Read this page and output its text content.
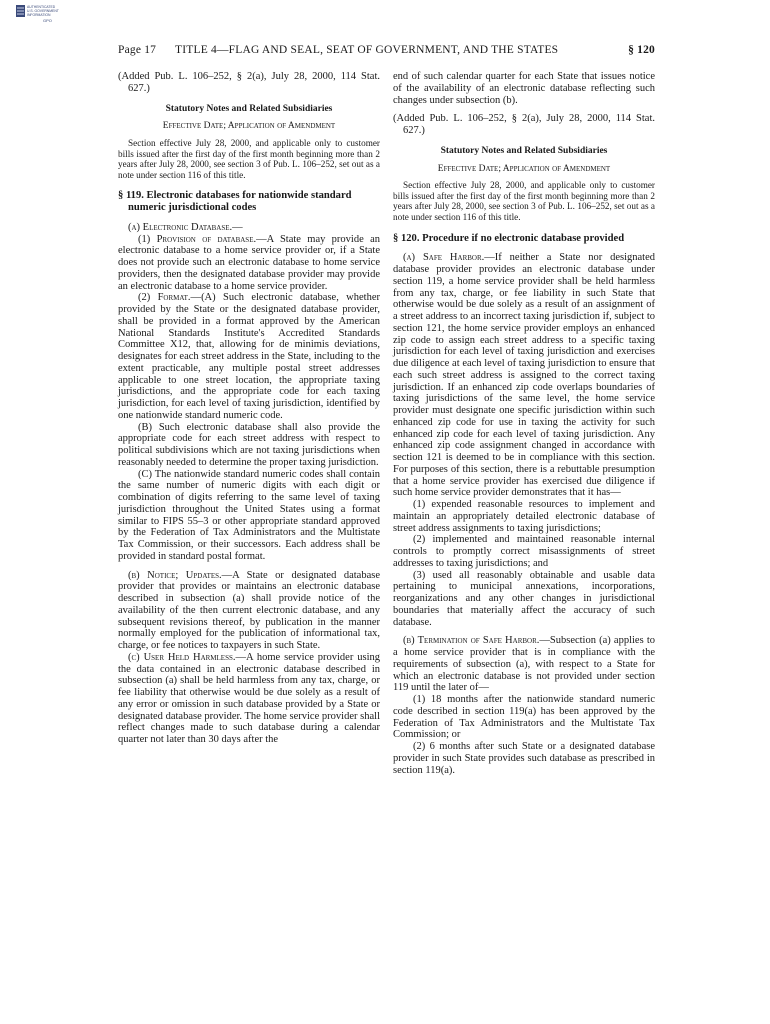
AUTHENTICATED
U.S. GOVERNMENT
INFORMATION
GPO
Page 17 TITLE 4—FLAG AND SEAL, SEAT OF GOVERNMENT, AND THE STATES	§ 120

(Added Pub. L. 106–252, § 2(a), July 28, 2000, 114 Stat. 627.)

Statutory Notes and Related Subsidiaries

Effective Date; Application of Amendment

Section effective July 28, 2000, and applicable only to customer bills issued after the first day of the first month beginning more than 2 years after July 28, 2000, see section 3 of Pub. L. 106–252, set out as a note under section 116 of this title.

§ 119. Electronic databases for nationwide standard numeric jurisdictional codes

(a) Electronic Database.—

(1) Provision of database.—A State may provide an electronic database to a home service provider or, if a State does not provide such an electronic database to home service providers, then the designated database provider may provide an electronic database to a home service provider.

(2) Format.—(A) Such electronic database, whether provided by the State or the designated database provider, shall be provided in a format approved by the American National Standards Institute's Accredited Standards Committee X12, that, allowing for de minimis deviations, designates for each street address in the State, including to the extent practicable, any multiple postal street addresses applicable to one street location, the appropriate taxing jurisdictions, and the appropriate code for each taxing jurisdiction, for each level of taxing jurisdiction, identified by one nationwide standard numeric code.

(B) Such electronic database shall also provide the appropriate code for each street address with respect to political subdivisions which are not taxing jurisdictions when reasonably needed to determine the proper taxing jurisdiction.

(C) The nationwide standard numeric codes shall contain the same number of numeric digits with each digit or combination of digits referring to the same level of taxing jurisdiction throughout the United States using a format similar to FIPS 55–3 or other appropriate standard approved by the Federation of Tax Administrators and the Multistate Tax Commission, or their successors. Each address shall be provided in standard postal format.

(b) Notice; Updates.—A State or designated database provider that provides or maintains an electronic database described in subsection (a) shall provide notice of the availability of the then current electronic database, and any subsequent revisions thereof, by publication in the manner normally employed for the publication of informational tax, charge, or fee notices to taxpayers in such State.

(c) User Held Harmless.—A home service provider using the data contained in an electronic database described in subsection (a) shall be held harmless from any tax, charge, or fee liability that otherwise would be due solely as a result of any error or omission in such database provided by a State or designated database provider. The home service provider shall reflect changes made to such database during a calendar quarter not later than 30 days after the

end of such calendar quarter for each State that issues notice of the availability of an electronic database reflecting such changes under subsection (b).

(Added Pub. L. 106–252, § 2(a), July 28, 2000, 114 Stat. 627.)

Statutory Notes and Related Subsidiaries

Effective Date; Application of Amendment

Section effective July 28, 2000, and applicable only to customer bills issued after the first day of the first month beginning more than 2 years after July 28, 2000, see section 3 of Pub. L. 106–252, set out as a note under section 116 of this title.

§ 120. Procedure if no electronic database provided

(a) Safe Harbor.—If neither a State nor designated database provider provides an electronic database under section 119, a home service provider shall be held harmless from any tax, charge, or fee liability in such State that otherwise would be due solely as a result of an assignment of a street address to an incorrect taxing jurisdiction if, subject to section 121, the home service provider employs an enhanced zip code to assign each street address to a specific taxing jurisdiction for each level of taxing jurisdiction and exercises due diligence at each level of taxing jurisdiction to ensure that each such street address is assigned to the correct taxing jurisdiction. If an enhanced zip code overlaps boundaries of taxing jurisdictions of the same level, the home service provider must designate one specific jurisdiction within such enhanced zip code for use in taxing the activity for such enhanced zip code for each level of taxing jurisdiction. Any enhanced zip code assignment changed in accordance with section 121 is deemed to be in compliance with this section. For purposes of this section, there is a rebuttable presumption that a home service provider has exercised due diligence if such home service provider demonstrates that it has—

(1) expended reasonable resources to implement and maintain an appropriately detailed electronic database of street address assignments to taxing jurisdictions;

(2) implemented and maintained reasonable internal controls to promptly correct misassignments of street addresses to taxing jurisdictions; and

(3) used all reasonably obtainable and usable data pertaining to municipal annexations, incorporations, reorganizations and any other changes in jurisdictional boundaries that materially affect the accuracy of such database.

(b) Termination of Safe Harbor.—Subsection (a) applies to a home service provider that is in compliance with the requirements of subsection (a), with respect to a State for which an electronic database is not provided under section 119 until the later of—

(1) 18 months after the nationwide standard numeric code described in section 119(a) has been approved by the Federation of Tax Administrators and the Multistate Tax Commission; or

(2) 6 months after such State or a designated database provider in such State provides such database as prescribed in section 119(a).
